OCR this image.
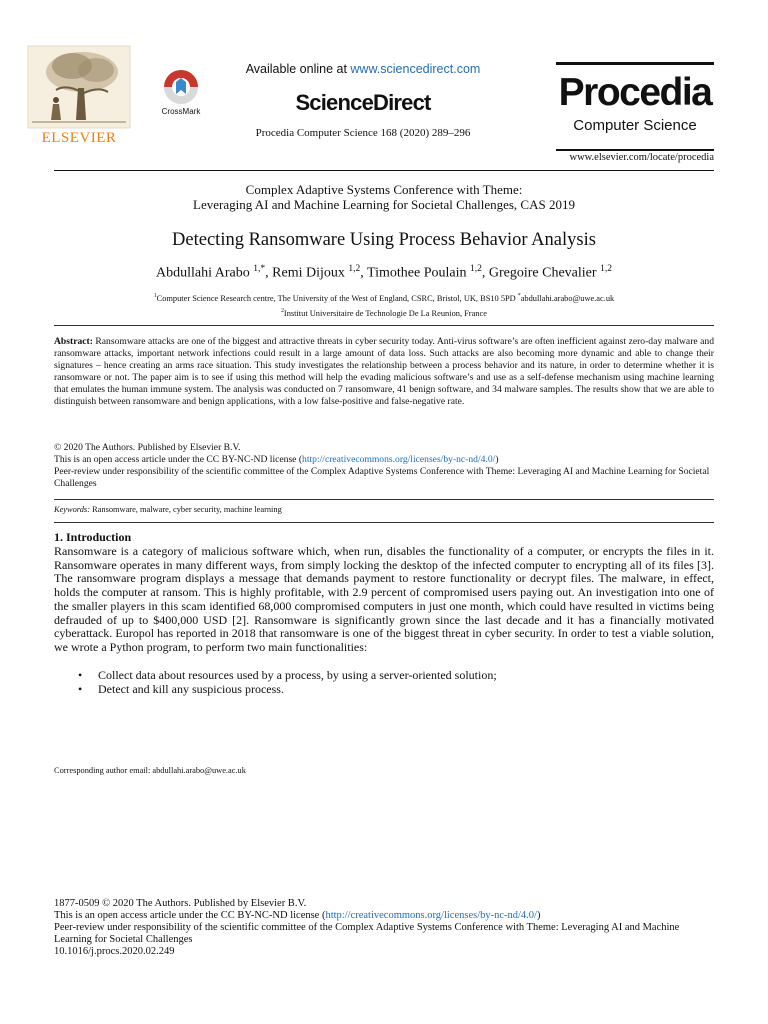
ELSEVIER
CrossMark
Available online at www.sciencedirect.com
ScienceDirect
Procedia Computer Science 168 (2020) 289–296
Procedia
Computer Science
www.elsevier.com/locate/procedia
Complex Adaptive Systems Conference with Theme:
Leveraging AI and Machine Learning for Societal Challenges, CAS 2019
Detecting Ransomware Using Process Behavior Analysis
Abdullahi Arabo $^{1,*}$, Remi Dijoux $^{1,2}$, Timothee Poulain $^{1,2}$, Gregoire Chevalier $^{1,2}$
$^1$Computer Science Research centre, The University of the West of England, CSRC, Bristol, UK, BS10 5PD *abdullahi.arabo@uwe.ac.uk
$^2$Institut Universitaire de Technologie De La Reunion, France
Abstract: Ransomware attacks are one of the biggest and attractive threats in cyber security today. Anti-virus software’s are often inefficient against zero-day malware and ransomware attacks, important network infections could result in a large amount of data loss. Such attacks are also becoming more dynamic and able to change their signatures – hence creating an arms race situation. This study investigates the relationship between a process behavior and its nature, in order to determine whether it is ransomware or not. The paper aim is to see if using this method will help the evading malicious software’s and use as a self-defense mechanism using machine learning that emulates the human immune system. The analysis was conducted on 7 ransomware, 41 benign software, and 34 malware samples. The results show that we are able to distinguish between ransomware and benign applications, with a low false-positive and false-negative rate.
© 2020 The Authors. Published by Elsevier B.V.
This is an open access article under the CC BY-NC-ND license (http://creativecommons.org/licenses/by-nc-nd/4.0/)
Peer-review under responsibility of the scientific committee of the Complex Adaptive Systems Conference with Theme: Leveraging AI and Machine Learning for Societal Challenges
Keywords: Ransomware, malware, cyber security, machine learning
1. Introduction
Ransomware is a category of malicious software which, when run, disables the functionality of a computer, or encrypts the files in it. Ransomware operates in many different ways, from simply locking the desktop of the infected computer to encrypting all of its files [3]. The ransomware program displays a message that demands payment to restore functionality or decrypt files. The malware, in effect, holds the computer at ransom. This is highly profitable, with 2.9 percent of compromised users paying out. An investigation into one of the smaller players in this scam identified 68,000 compromised computers in just one month, which could have resulted in victims being defrauded of up to $400,000 USD [2]. Ransomware is significantly grown since the last decade and it has a financially motivated cyberattack. Europol has reported in 2018 that ransomware is one of the biggest threat in cyber security. In order to test a viable solution, we wrote a Python program, to perform two main functionalities:
• Collect data about resources used by a process, by using a server-oriented solution;
• Detect and kill any suspicious process.
Corresponding author email: abdullahi.arabo@uwe.ac.uk
1877-0509 © 2020 The Authors. Published by Elsevier B.V.
This is an open access article under the CC BY-NC-ND license (http://creativecommons.org/licenses/by-nc-nd/4.0/)
Peer-review under responsibility of the scientific committee of the Complex Adaptive Systems Conference with Theme: Leveraging AI and Machine Learning for Societal Challenges
10.1016/j.procs.2020.02.249
